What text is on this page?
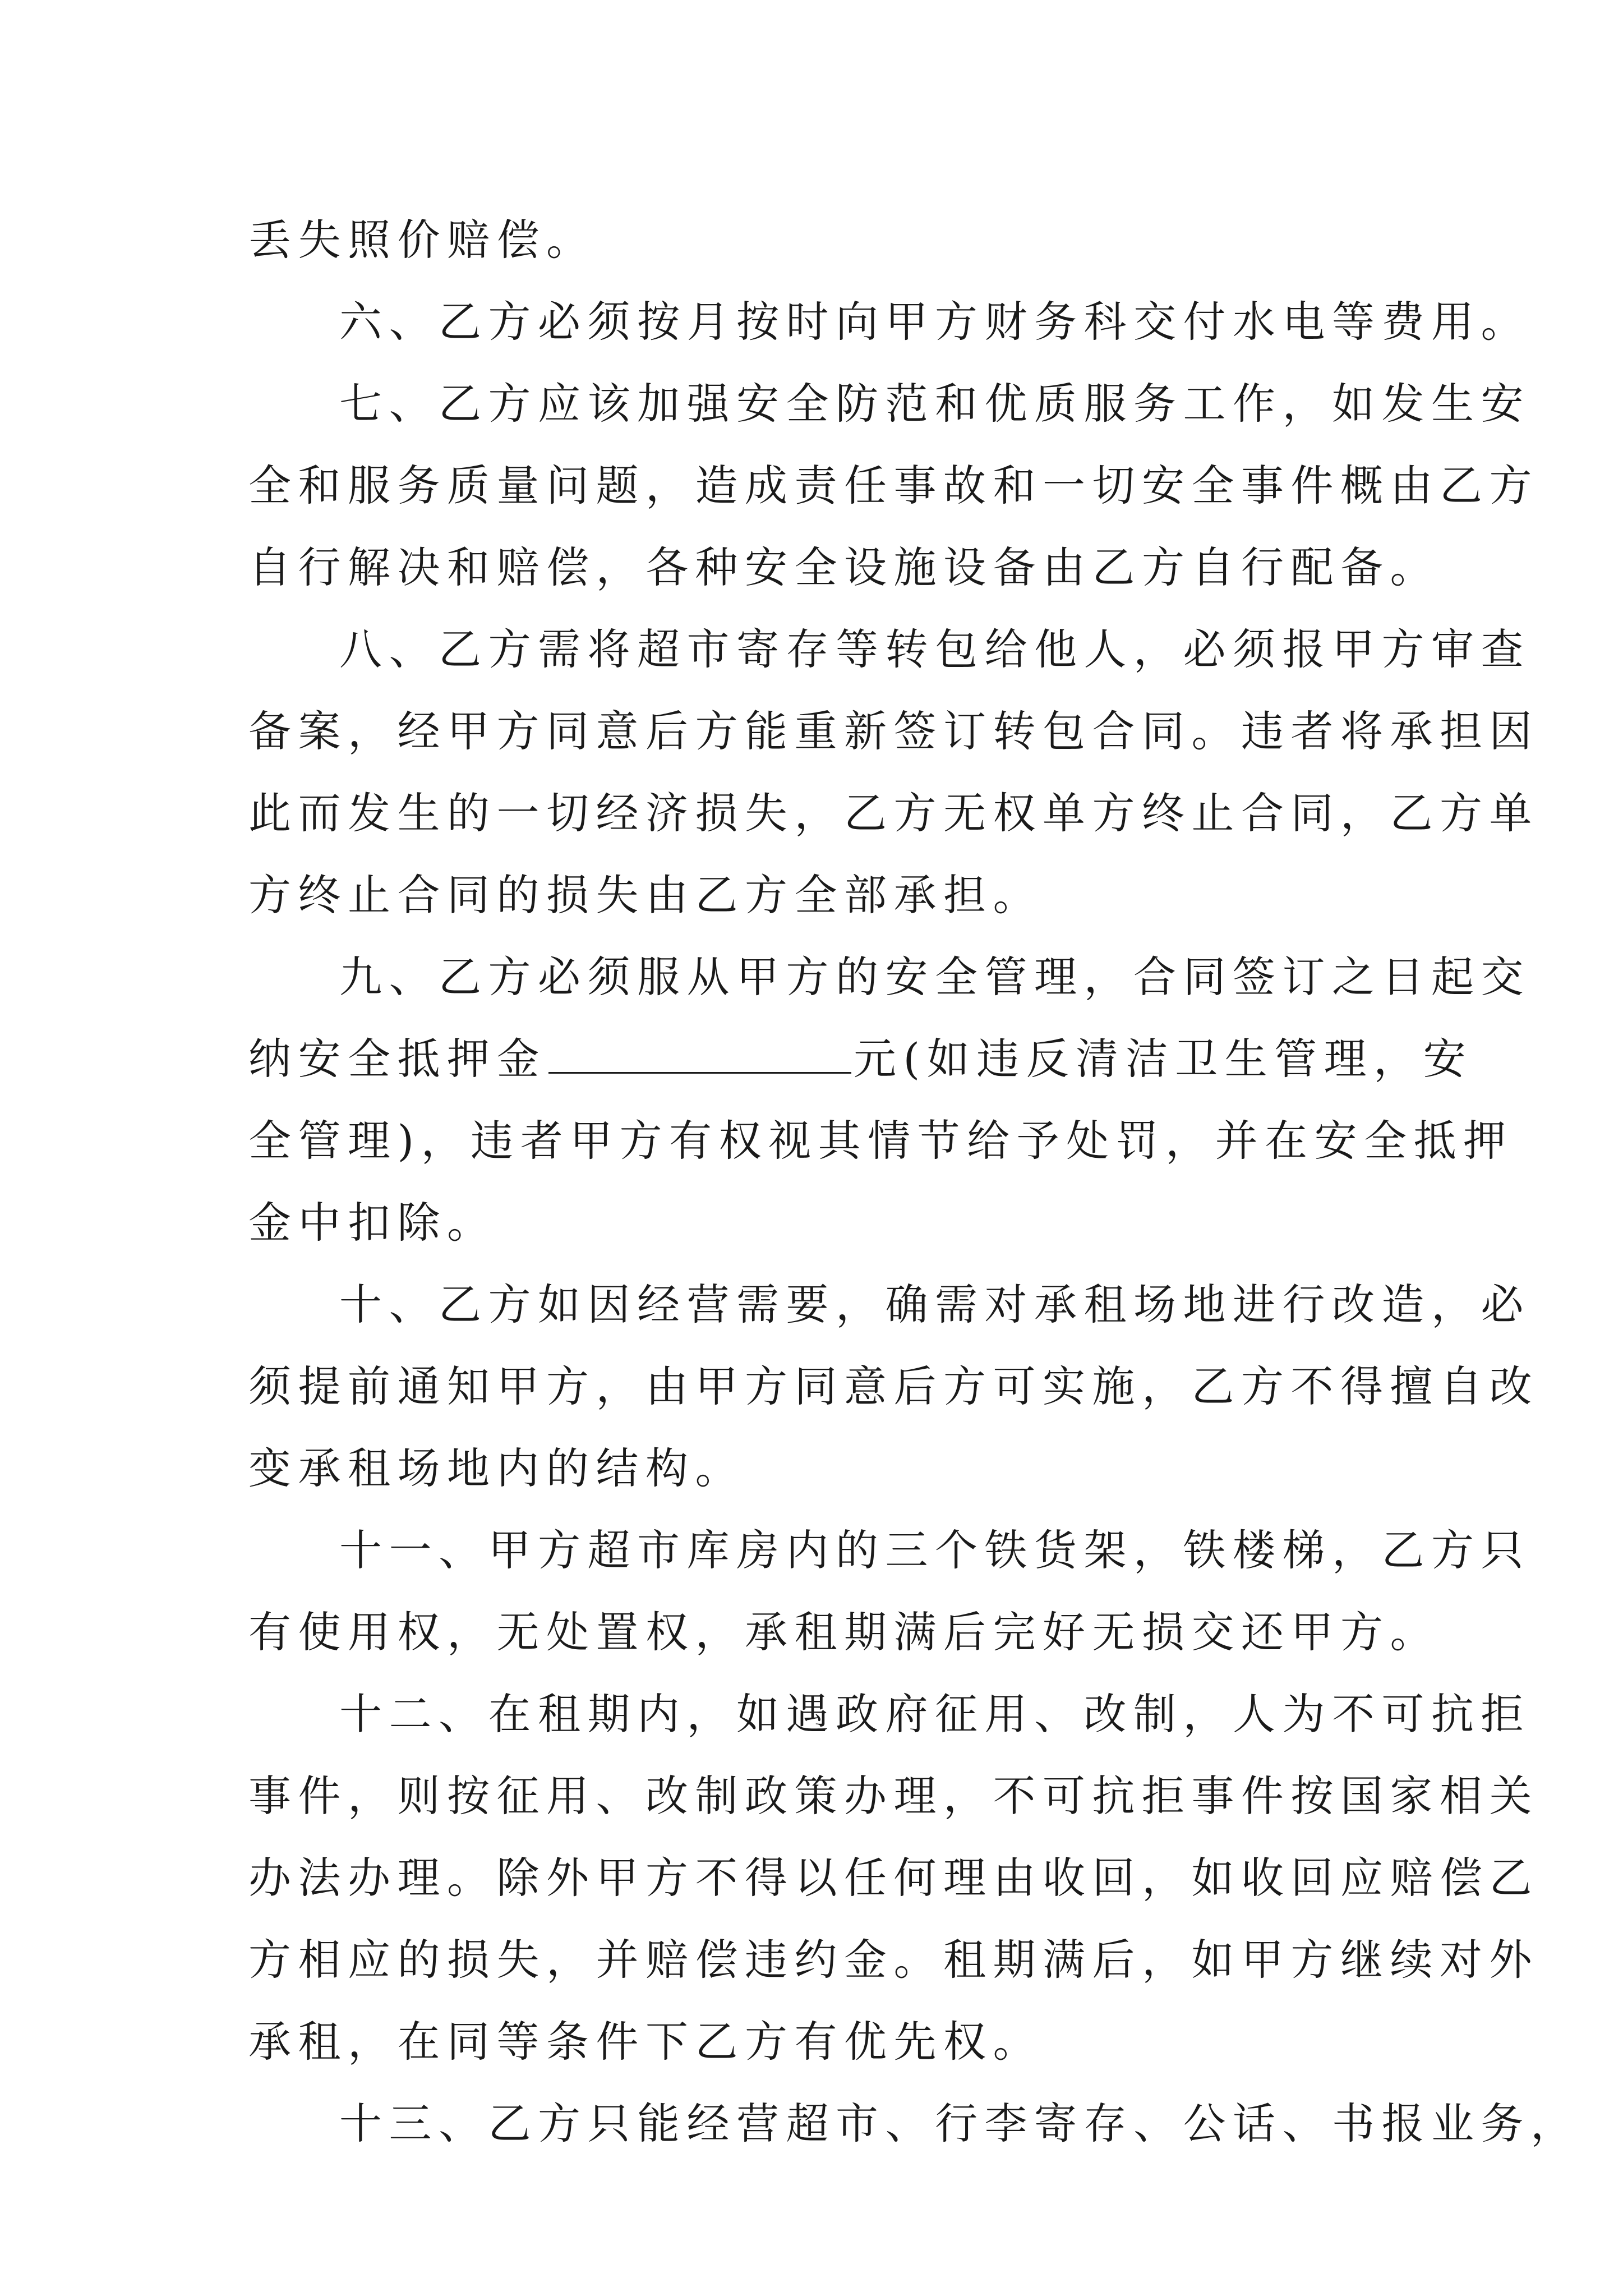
丢失照价赔偿。

六、乙方必须按月按时向甲方财务科交付水电等费用。

七、乙方应该加强安全防范和优质服务工作，如发生安

全和服务质量问题，造成责任事故和一切安全事件概由乙方

自行解决和赔偿，各种安全设施设备由乙方自行配备。

八、乙方需将超市寄存等转包给他人，必须报甲方审查

备案，经甲方同意后方能重新签订转包合同。违者将承担因

此而发生的一切经济损失，乙方无权单方终止合同，乙方单

方终止合同的损失由乙方全部承担。

九、乙方必须服从甲方的安全管理，合同签订之日起交

纳安全抵押金	元(如违反清洁卫生管理，安

全管理)，违者甲方有权视其情节给予处罚，并在安全抵押

金中扣除。

十、乙方如因经营需要，确需对承租场地进行改造，必

须提前通知甲方，由甲方同意后方可实施，乙方不得擅自改

变承租场地内的结构。

十一、甲方超市库房内的三个铁货架，铁楼梯，乙方只

有使用权，无处置权，承租期满后完好无损交还甲方。

十二、在租期内，如遇政府征用、改制，人为不可抗拒

事件，则按征用、改制政策办理，不可抗拒事件按国家相关

办法办理。除外甲方不得以任何理由收回，如收回应赔偿乙

方相应的损失，并赔偿违约金。租期满后，如甲方继续对外

承租，在同等条件下乙方有优先权。

十三、乙方只能经营超市、行李寄存、公话、书报业务，
